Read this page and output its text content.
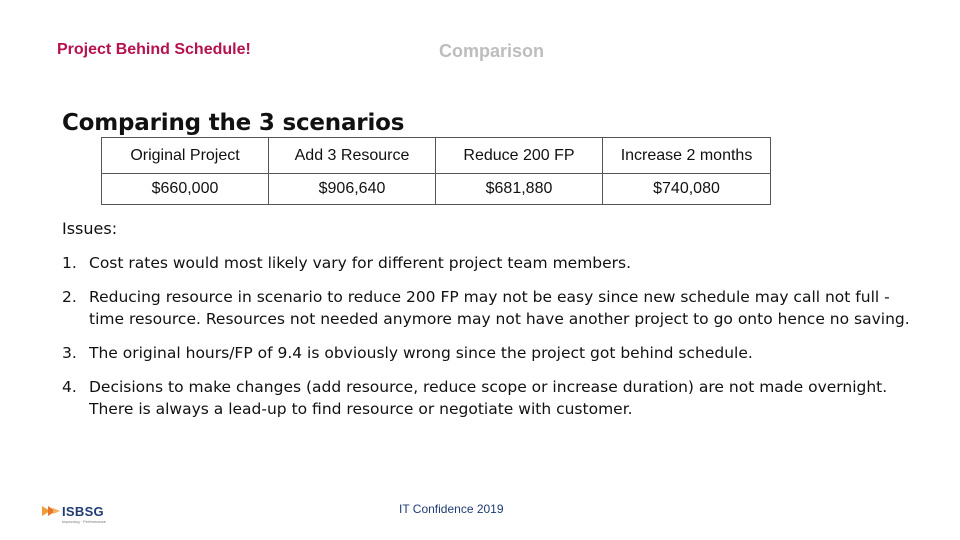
Project Behind Schedule!	Comparison
Comparing the 3 scenarios
Original Project	Add 3 Resource	Reduce 200 FP	Increase 2 months
$660,000	$906,640	$681,880	$740,080
Issues:
1. Cost rates would most likely vary for different project team members.
2. Reducing resource in scenario to reduce 200 FP may not be easy since new schedule may call not full -time resource. Resources not needed anymore may not have another project to go onto hence no saving.
3. The original hours/FP of 9.4 is obviously wrong since the project got behind schedule.
4. Decisions to make changes (add resource, reduce scope or increase duration) are not made overnight. There is always a lead-up to find resource or negotiate with customer.
ISBSG
Improving · Performance
IT Confidence 2019
